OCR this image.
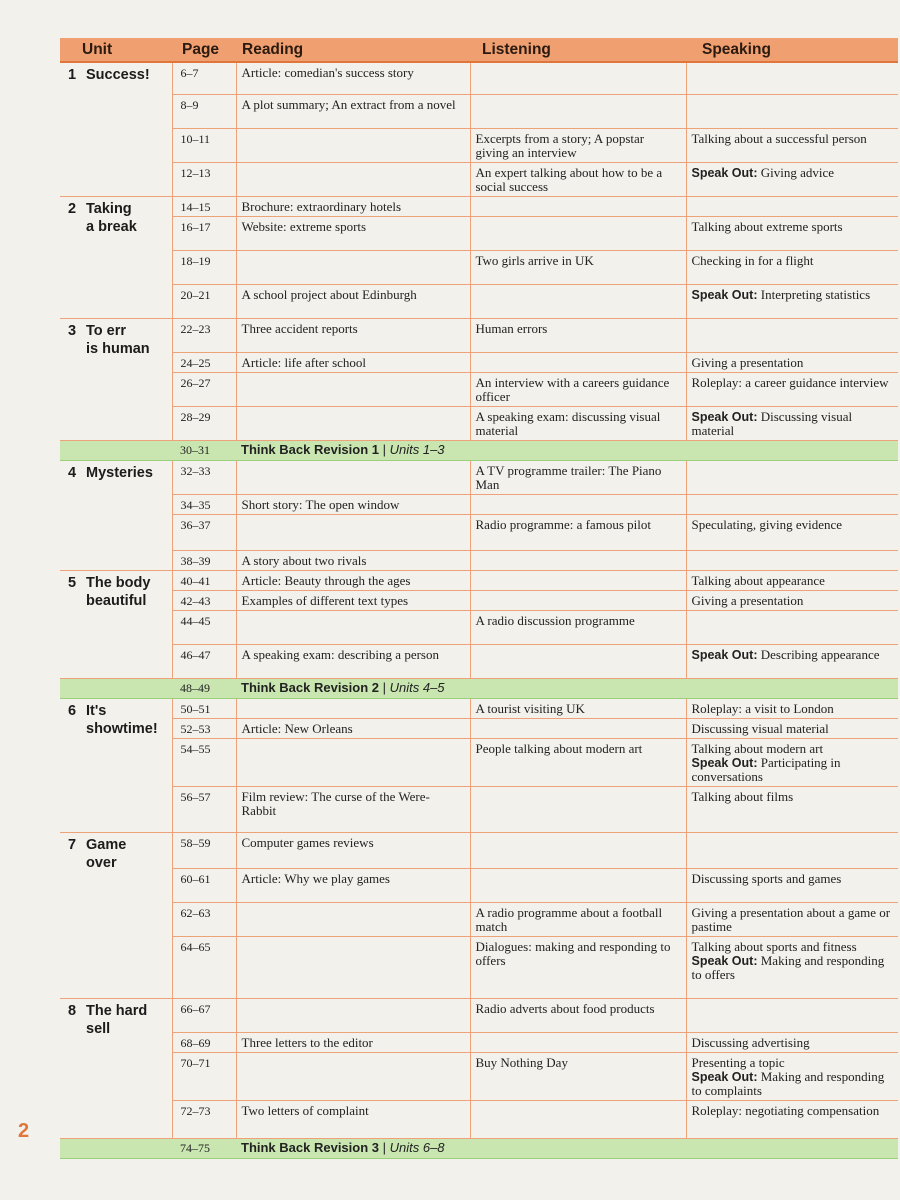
Unit	Page	Reading	Listening	Speaking
1 Success!	6–7	Article: comedian's success story		
	8–9	A plot summary; An extract from a novel		
	10–11		Excerpts from a story; A popstar giving an interview	Talking about a successful person

	12–13		An expert talking about how to be a social success	Speak Out: Giving advice

2 Taking
a break	14–15	Brochure: extraordinary hotels		
	16–17	Website: extreme sports		Talking about extreme sports

	18–19		Two girls arrive in UK	Checking in for a flight

	20–21	A school project about Edinburgh		Speak Out: Interpreting statistics

3 To err
is human	22–23	Three accident reports	Human errors	
	24–25	Article: life after school		Giving a presentation

	26–27		An interview with a careers guidance officer	Roleplay: a career guidance interview

	28–29		A speaking exam: discussing visual material	Speak Out: Discussing visual material

	30–31	Think Back Revision 1 | Units 1–3		
4 Mysteries	32–33		A TV programme trailer: The Piano Man	
	34–35	Short story: The open window		
	36–37		Radio programme: a famous pilot	Speculating, giving evidence

	38–39	A story about two rivals		
5 The body
beautiful	40–41	Article: Beauty through the ages		Talking about appearance

	42–43	Examples of different text types		Giving a presentation

	44–45		A radio discussion programme	
	46–47	A speaking exam: describing a person		Speak Out: Describing appearance

	48–49	Think Back Revision 2 | Units 4–5		
6 It's
showtime!	50–51		A tourist visiting UK	Roleplay: a visit to London

	52–53	Article: New Orleans		Discussing visual material

	54–55		People talking about modern art	Talking about modern art
Speak Out: Participating in conversations

	56–57	Film review: The curse of the Were-Rabbit		Talking about films

7 Game
over	58–59	Computer games reviews		
	60–61	Article: Why we play games		Discussing sports and games

	62–63		A radio programme about a football match	Giving a presentation about a game or pastime

	64–65		Dialogues: making and responding to offers	Talking about sports and fitness
Speak Out: Making and responding to offers

8 The hard
sell	66–67		Radio adverts about food products	
	68–69	Three letters to the editor		Discussing advertising

	70–71		Buy Nothing Day	Presenting a topic
Speak Out: Making and responding to complaints

	72–73	Two letters of complaint		Roleplay: negotiating compensation

	74–75	Think Back Revision 3 | Units 6–8		
2
